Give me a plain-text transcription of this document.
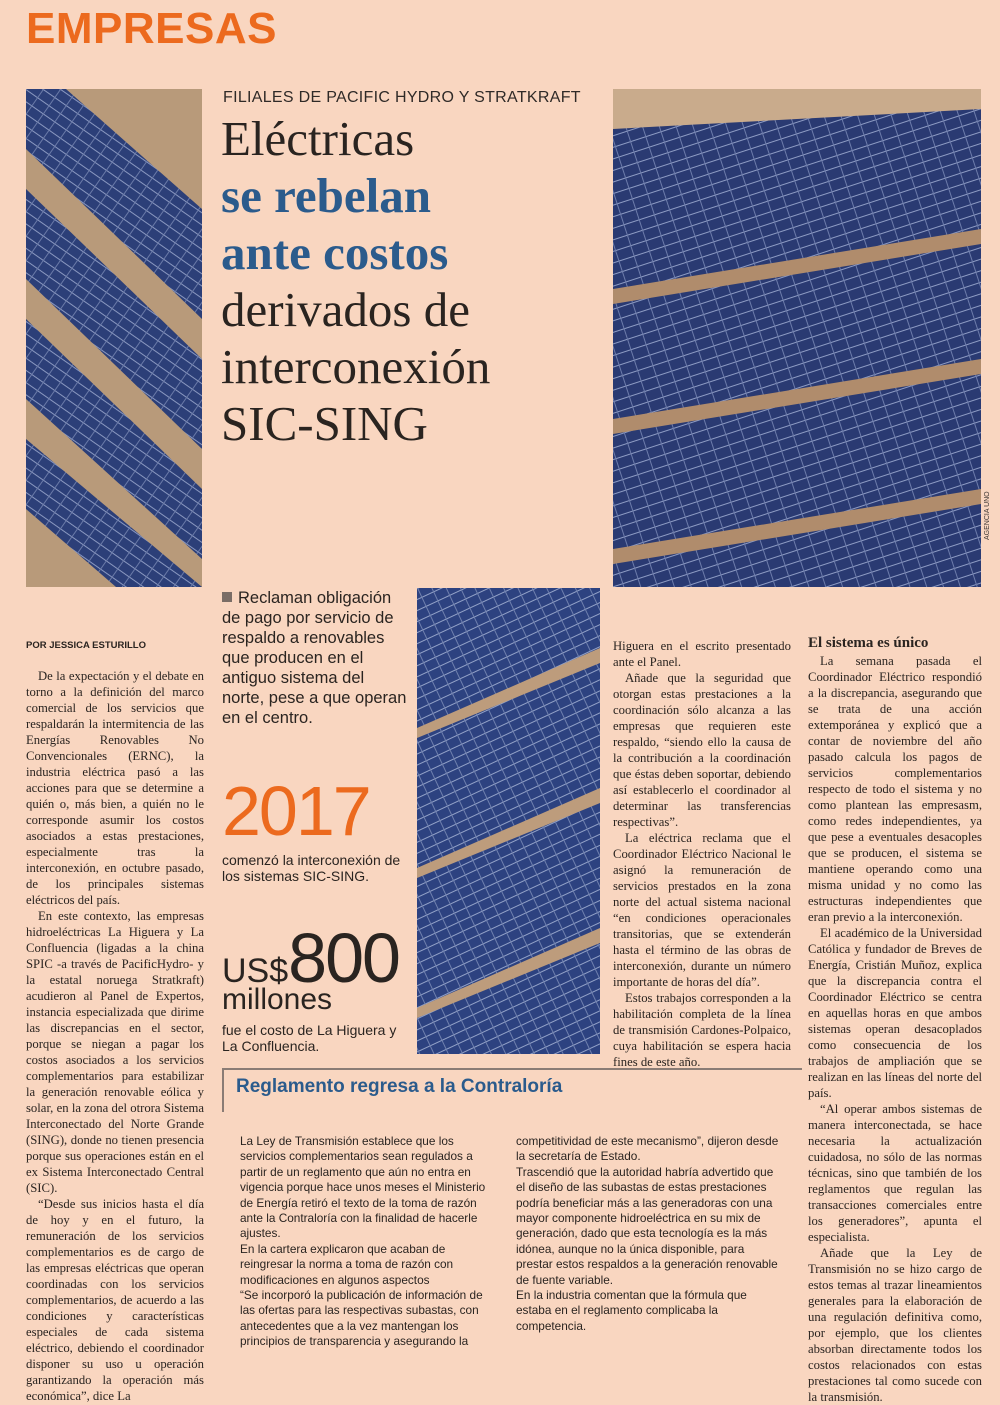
EMPRESAS
AGENCIA UNO
FILIALES DE PACIFIC HYDRO Y STRATKRAFT
Eléctricas
se rebelan
ante costos
derivados de
interconexión
SIC-SING
Reclaman obligación de pago por servicio de respaldo a renovables que producen en el antiguo sistema del norte, pese a que operan en el centro.
POR JESSICA ESTURILLO
2017
comenzó la interconexión de los sistemas SIC-SING.
US$800
millones
fue el costo de La Higuera y La Confluencia.

De la expectación y el debate en torno a la definición del marco comercial de los servicios que respaldarán la intermitencia de las Energías Renovables No Convencionales (ERNC), la industria eléctrica pasó a las acciones para que se determine a quién o, más bien, a quién no le corresponde asumir los costos asociados a estas prestaciones, especialmente tras la interconexión, en octubre pasado, de los principales sistemas eléctricos del país.

En este contexto, las empresas hidroeléctricas La Higuera y La Confluencia (ligadas a la china SPIC -a través de PacificHydro- y la estatal noruega Stratkraft) acudieron al Panel de Expertos, instancia especializada que dirime las discrepancias en el sector, porque se niegan a pagar los costos asociados a los servicios complementarios para estabilizar la generación renovable eólica y solar, en la zona del otrora Sistema Interconectado del Norte Grande (SING), donde no tienen presencia porque sus operaciones están en el ex Sistema Interconectado Central (SIC).

“Desde sus inicios hasta el día de hoy y en el futuro, la remuneración de los servicios complementarios es de cargo de las empresas eléctricas que operan coordinadas con los servicios complementarios, de acuerdo a las condiciones y características especiales de cada sistema eléctrico, debiendo el coordinador disponer su uso u operación garantizando la operación más económica”, dice La

Higuera en el escrito presentado ante el Panel.

Añade que la seguridad que otorgan estas prestaciones a la coordinación sólo alcanza a las empresas que requieren este respaldo, “siendo ello la causa de la contribución a la coordinación que éstas deben soportar, debiendo así establecerlo el coordinador al determinar las transferencias respectivas”.

La eléctrica reclama que el Coordinador Eléctrico Nacional le asignó la remuneración de servicios prestados en la zona norte del actual sistema nacional “en condiciones operacionales transitorias, que se extenderán hasta el término de las obras de interconexión, durante un número importante de horas del día”.

Estos trabajos corresponden a la habilitación completa de la línea de transmisión Cardones-Polpaico, cuya habilitación se espera hacia fines de este año.

El sistema es único

La semana pasada el Coordinador Eléctrico respondió a la discrepancia, asegurando que se trata de una acción extemporánea y explicó que a contar de noviembre del año pasado calcula los pagos de servicios complementarios respecto de todo el sistema y no como plantean las empresasm, como redes independientes, ya que pese a eventuales desacoples que se producen, el sistema se mantiene operando como una misma unidad y no como las estructuras independientes que eran previo a la interconexión.

El académico de la Universidad Católica y fundador de Breves de Energía, Cristián Muñoz, explica que la discrepancia contra el Coordinador Eléctrico se centra en aquellas horas en que ambos sistemas operan desacoplados como consecuencia de los trabajos de ampliación que se realizan en las líneas del norte del país.

“Al operar ambos sistemas de manera interconectada, se hace necesaria la actualización cuidadosa, no sólo de las normas técnicas, sino que también de los reglamentos que regulan las transacciones comerciales entre los generadores”, apunta el especialista.

Añade que la Ley de Transmisión no se hizo cargo de estos temas al trazar lineamientos generales para la elaboración de una regulación definitiva como, por ejemplo, que los clientes absorban directamente todos los costos relacionados con estas prestaciones tal como sucede con la transmisión.

Reglamento regresa a la Contraloría

La Ley de Transmisión establece que los servicios complementarios sean regulados a partir de un reglamento que aún no entra en vigencia porque hace unos meses el Ministerio de Energía retiró el texto de la toma de razón ante la Contraloría con la finalidad de hacerle ajustes.

En la cartera explicaron que acaban de reingresar la norma a toma de razón con modificaciones en algunos aspectos

“Se incorporó la publicación de información de las ofertas para las respectivas subastas, con antecedentes que a la vez mantengan los principios de transparencia y asegurando la

competitividad de este mecanismo”, dijeron desde la secretaría de Estado.

Trascendió que la autoridad habría advertido que el diseño de las subastas de estas prestaciones podría beneficiar más a las generadoras con una mayor componente hidroeléctrica en su mix de generación, dado que esta tecnología es la más idónea, aunque no la única disponible, para prestar estos respaldos a la generación renovable de fuente variable.

En la industria comentan que la fórmula que estaba en el reglamento complicaba la competencia.
